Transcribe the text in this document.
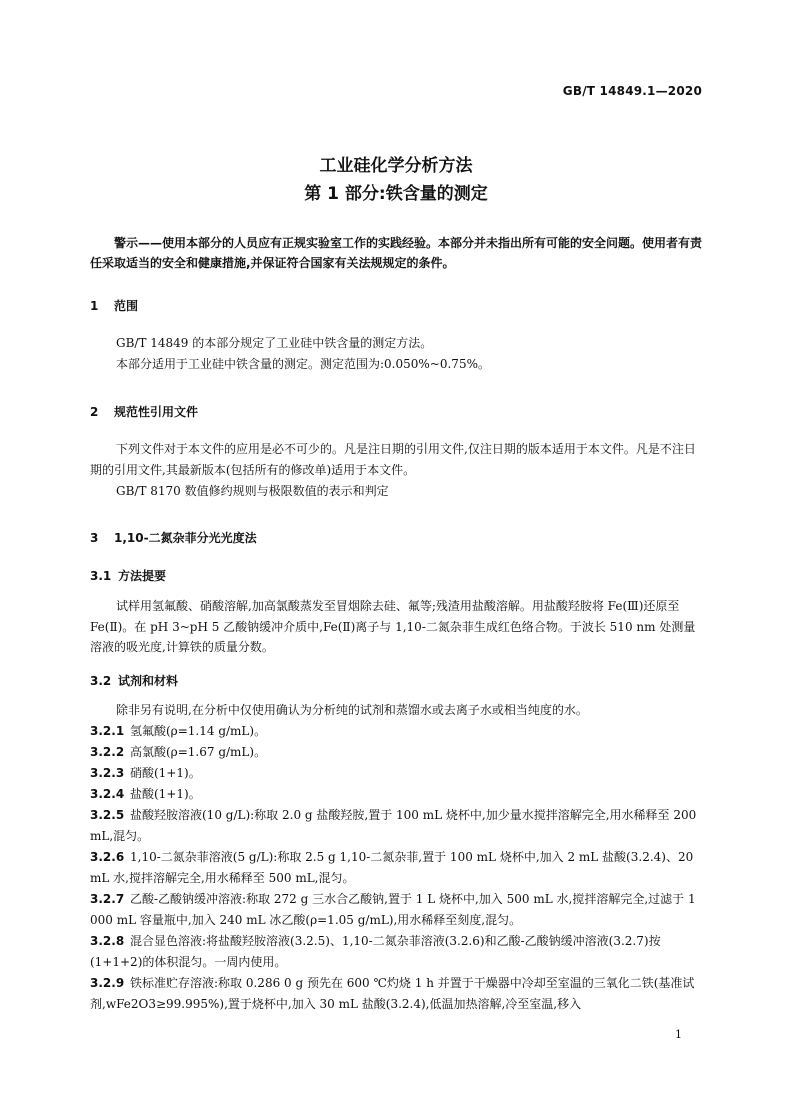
GB/T 14849.1—2020
工业硅化学分析方法
第 1 部分:铁含量的测定
警示——使用本部分的人员应有正规实验室工作的实践经验。本部分并未指出所有可能的安全问题。使用者有责任采取适当的安全和健康措施,并保证符合国家有关法规规定的条件。
1 范围
GB/T 14849 的本部分规定了工业硅中铁含量的测定方法。
本部分适用于工业硅中铁含量的测定。测定范围为:0.050%~0.75%。
2 规范性引用文件
下列文件对于本文件的应用是必不可少的。凡是注日期的引用文件,仅注日期的版本适用于本文件。凡是不注日期的引用文件,其最新版本(包括所有的修改单)适用于本文件。
GB/T 8170 数值修约规则与极限数值的表示和判定
3 1,10-二氮杂菲分光光度法
3.1 方法提要
试样用氢氟酸、硝酸溶解,加高氯酸蒸发至冒烟除去硅、氟等;残渣用盐酸溶解。用盐酸羟胺将 Fe(Ⅲ)还原至 Fe(Ⅱ)。在 pH 3~pH 5 乙酸钠缓冲介质中,Fe(Ⅱ)离子与 1,10-二氮杂菲生成红色络合物。于波长 510 nm 处测量溶液的吸光度,计算铁的质量分数。
3.2 试剂和材料
除非另有说明,在分析中仅使用确认为分析纯的试剂和蒸馏水或去离子水或相当纯度的水。
3.2.1 氢氟酸(ρ=1.14 g/mL)。
3.2.2 高氯酸(ρ=1.67 g/mL)。
3.2.3 硝酸(1+1)。
3.2.4 盐酸(1+1)。
3.2.5 盐酸羟胺溶液(10 g/L):称取 2.0 g 盐酸羟胺,置于 100 mL 烧杯中,加少量水搅拌溶解完全,用水稀释至 200 mL,混匀。
3.2.6 1,10-二氮杂菲溶液(5 g/L):称取 2.5 g 1,10-二氮杂菲,置于 100 mL 烧杯中,加入 2 mL 盐酸(3.2.4)、20 mL 水,搅拌溶解完全,用水稀释至 500 mL,混匀。
3.2.7 乙酸-乙酸钠缓冲溶液:称取 272 g 三水合乙酸钠,置于 1 L 烧杯中,加入 500 mL 水,搅拌溶解完全,过滤于 1 000 mL 容量瓶中,加入 240 mL 冰乙酸(ρ=1.05 g/mL),用水稀释至刻度,混匀。
3.2.8 混合显色溶液:将盐酸羟胺溶液(3.2.5)、1,10-二氮杂菲溶液(3.2.6)和乙酸-乙酸钠缓冲溶液(3.2.7)按(1+1+2)的体积混匀。一周内使用。
3.2.9 铁标准贮存溶液:称取 0.286 0 g 预先在 600 ℃灼烧 1 h 并置于干燥器中冷却至室温的三氧化二铁(基准试剂,wFe2O3≥99.995%),置于烧杯中,加入 30 mL 盐酸(3.2.4),低温加热溶解,冷至室温,移入
1
